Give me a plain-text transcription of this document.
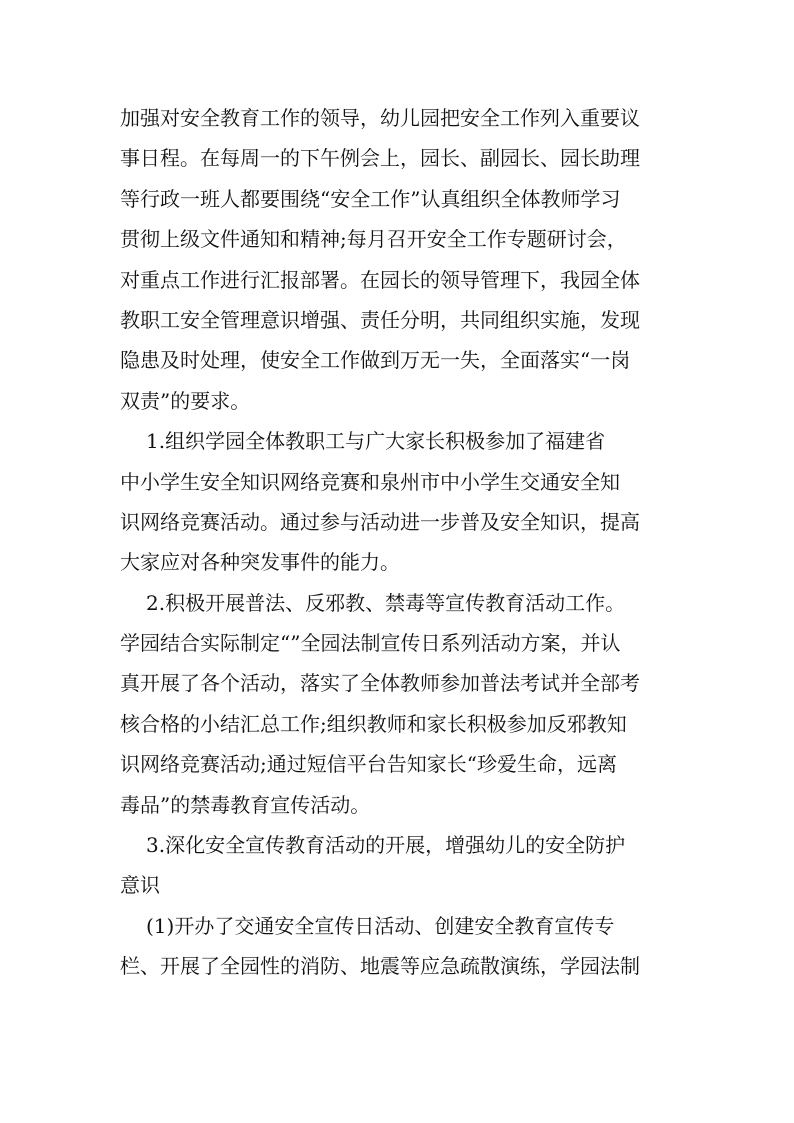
加强对安全教育工作的领导，幼儿园把安全工作列入重要议
事日程。在每周一的下午例会上，园长、副园长、园长助理
等行政一班人都要围绕“安全工作”认真组织全体教师学习
贯彻上级文件通知和精神;每月召开安全工作专题研讨会，
对重点工作进行汇报部署。在园长的领导管理下，我园全体
教职工安全管理意识增强、责任分明，共同组织实施，发现
隐患及时处理，使安全工作做到万无一失，全面落实“一岗
双责”的要求。
1.组织学园全体教职工与广大家长积极参加了福建省
中小学生安全知识网络竞赛和泉州市中小学生交通安全知
识网络竞赛活动。通过参与活动进一步普及安全知识，提高
大家应对各种突发事件的能力。
2.积极开展普法、反邪教、禁毒等宣传教育活动工作。
学园结合实际制定“”全园法制宣传日系列活动方案，并认
真开展了各个活动，落实了全体教师参加普法考试并全部考
核合格的小结汇总工作;组织教师和家长积极参加反邪教知
识网络竞赛活动;通过短信平台告知家长“珍爱生命，远离
毒品”的禁毒教育宣传活动。
3.深化安全宣传教育活动的开展，增强幼儿的安全防护
意识
(1)开办了交通安全宣传日活动、创建安全教育宣传专
栏、开展了全园性的消防、地震等应急疏散演练，学园法制
